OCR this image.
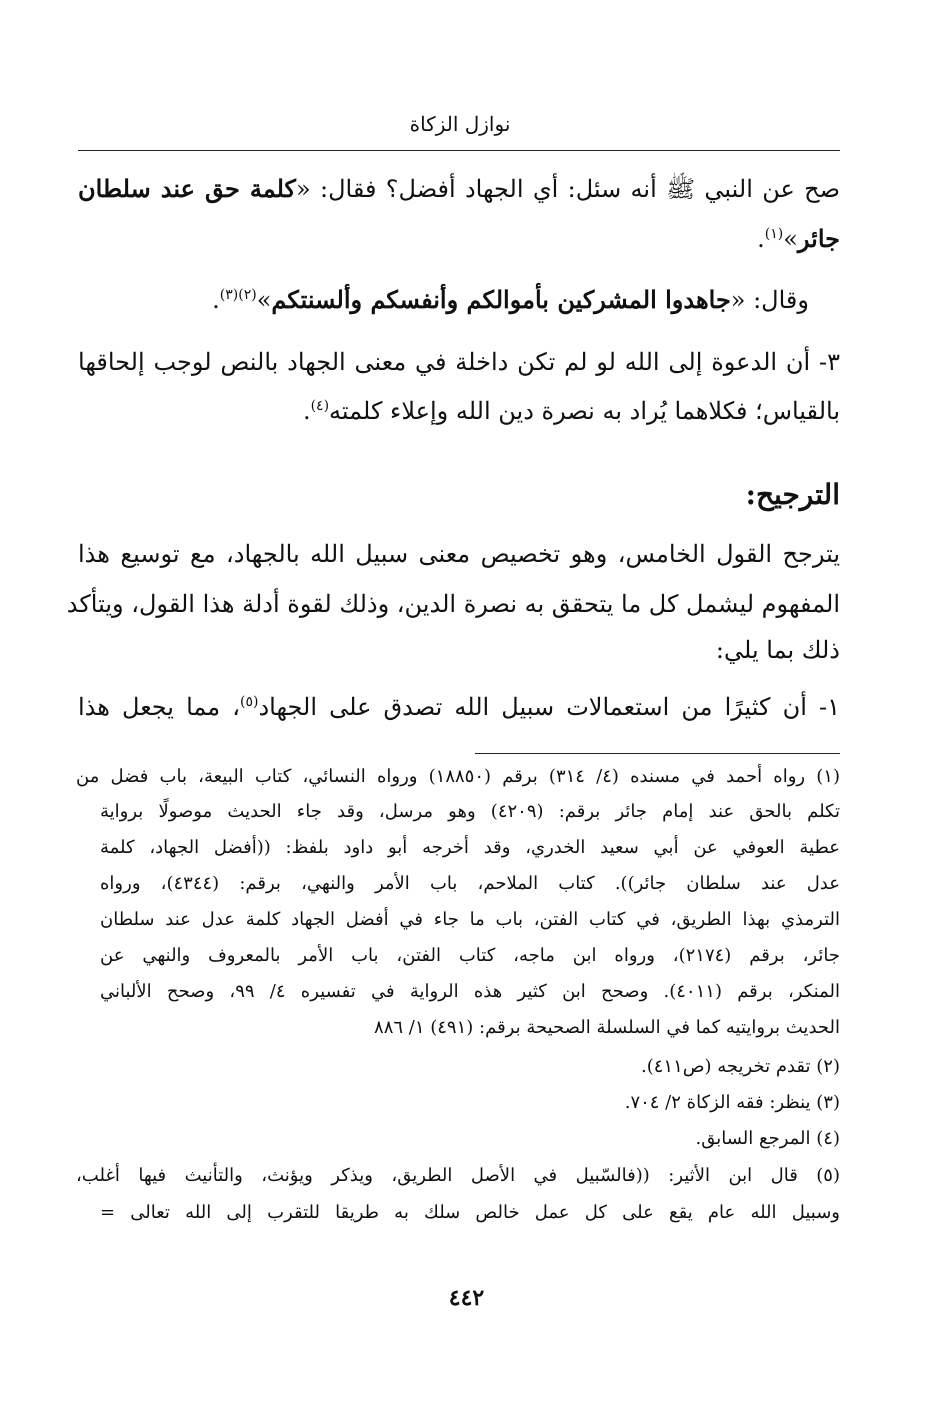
نوازل الزكاة
صح عن النبي ﷺ أنه سئل: أي الجهاد أفضل؟ فقال: «كلمة حق عند سلطان
جائر»$^{(١)}$.
وقال: «جاهدوا المشركين بأموالكم وأنفسكم وألسنتكم»$^{(٢)(٣)}$.
٣- أن الدعوة إلى الله لو لم تكن داخلة في معنى الجهاد بالنص لوجب إلحاقها
بالقياس؛ فكلاهما يُراد به نصرة دين الله وإعلاء كلمته$^{(٤)}$.
الترجيح:
يترجح القول الخامس، وهو تخصيص معنى سبيل الله بالجهاد، مع توسيع هذا
المفهوم ليشمل كل ما يتحقق به نصرة الدين، وذلك لقوة أدلة هذا القول، ويتأكد
ذلك بما يلي:
١- أن كثيرًا من استعمالات سبيل الله تصدق على الجهاد$^{(٥)}$، مما يجعل هذا
(١) رواه أحمد في مسنده (٤/ ٣١٤) برقم (١٨٨٥٠) ورواه النسائي، كتاب البيعة، باب فضل من
تكلم بالحق عند إمام جائر برقم: (٤٢٠٩) وهو مرسل، وقد جاء الحديث موصولًا برواية
عطية العوفي عن أبي سعيد الخدري، وقد أخرجه أبو داود بلفظ: ((أفضل الجهاد، كلمة
عدل عند سلطان جائر)). كتاب الملاحم، باب الأمر والنهي، برقم: (٤٣٤٤)، ورواه
الترمذي بهذا الطريق، في كتاب الفتن، باب ما جاء في أفضل الجهاد كلمة عدل عند سلطان
جائر، برقم (٢١٧٤)، ورواه ابن ماجه، كتاب الفتن، باب الأمر بالمعروف والنهي عن
المنكر، برقم (٤٠١١). وصحح ابن كثير هذه الرواية في تفسيره ٤/ ٩٩، وصحح الألباني
الحديث بروايتيه كما في السلسلة الصحيحة برقم: (٤٩١) ١/ ٨٨٦
(٢) تقدم تخريجه (ص٤١١).
(٣) ينظر: فقه الزكاة ٢/ ٧٠٤.
(٤) المرجع السابق.
(٥) قال ابن الأثير: ((فالسّبيل في الأصل الطريق، ويذكر ويؤنث، والتأنيث فيها أغلب،
وسبيل الله عام يقع على كل عمل خالص سلك به طريقا للتقرب إلى الله تعالى =
٤٤٢
